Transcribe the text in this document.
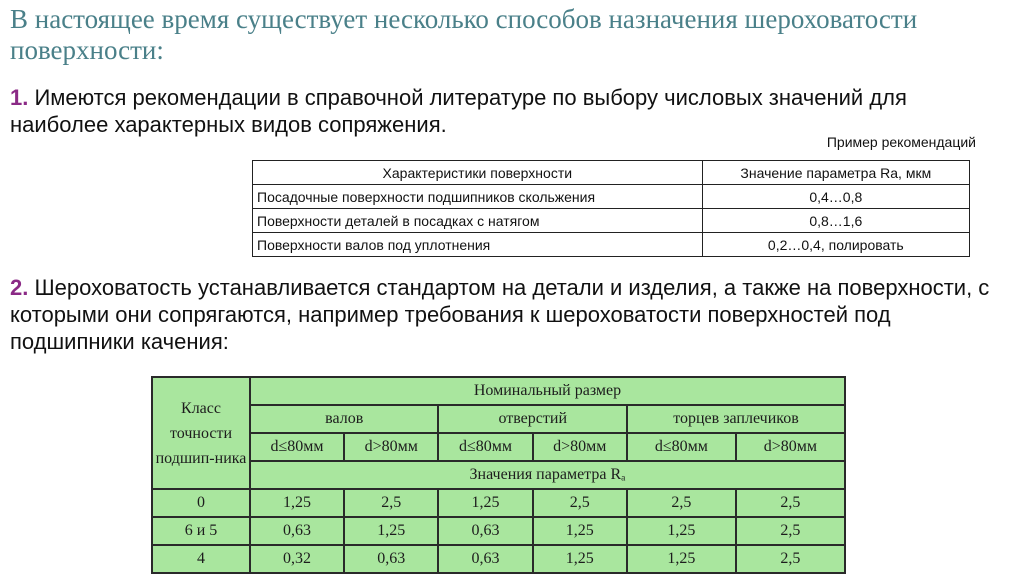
В настоящее время существует несколько способов назначения шероховатости поверхности:
1. Имеются рекомендации в справочной литературе по выбору числовых значений для наиболее характерных видов сопряжения.
Пример рекомендаций
Характеристики поверхности	Значение параметра Ra, мкм
Посадочные поверхности подшипников скольжения	0,4…0,8
Поверхности деталей в посадках с натягом	0,8…1,6
Поверхности валов под уплотнения	0,2…0,4, полировать
2. Шероховатость устанавливается стандартом на детали и изделия, а также на поверхности, с которыми они сопрягаются, например требования к шероховатости поверхностей под подшипники качения:
Класс точности подшип-ника	Номинальный размер					
	валов		отверстий		торцев заплечиков	
	d≤80мм	d>80мм	d≤80мм	d>80мм	d≤80мм	d>80мм
	Значения параметра Rₐ					
0	1,25	2,5	1,25	2,5	2,5	2,5
6 и 5	0,63	1,25	0,63	1,25	1,25	2,5
4	0,32	0,63	0,63	1,25	1,25	2,5
